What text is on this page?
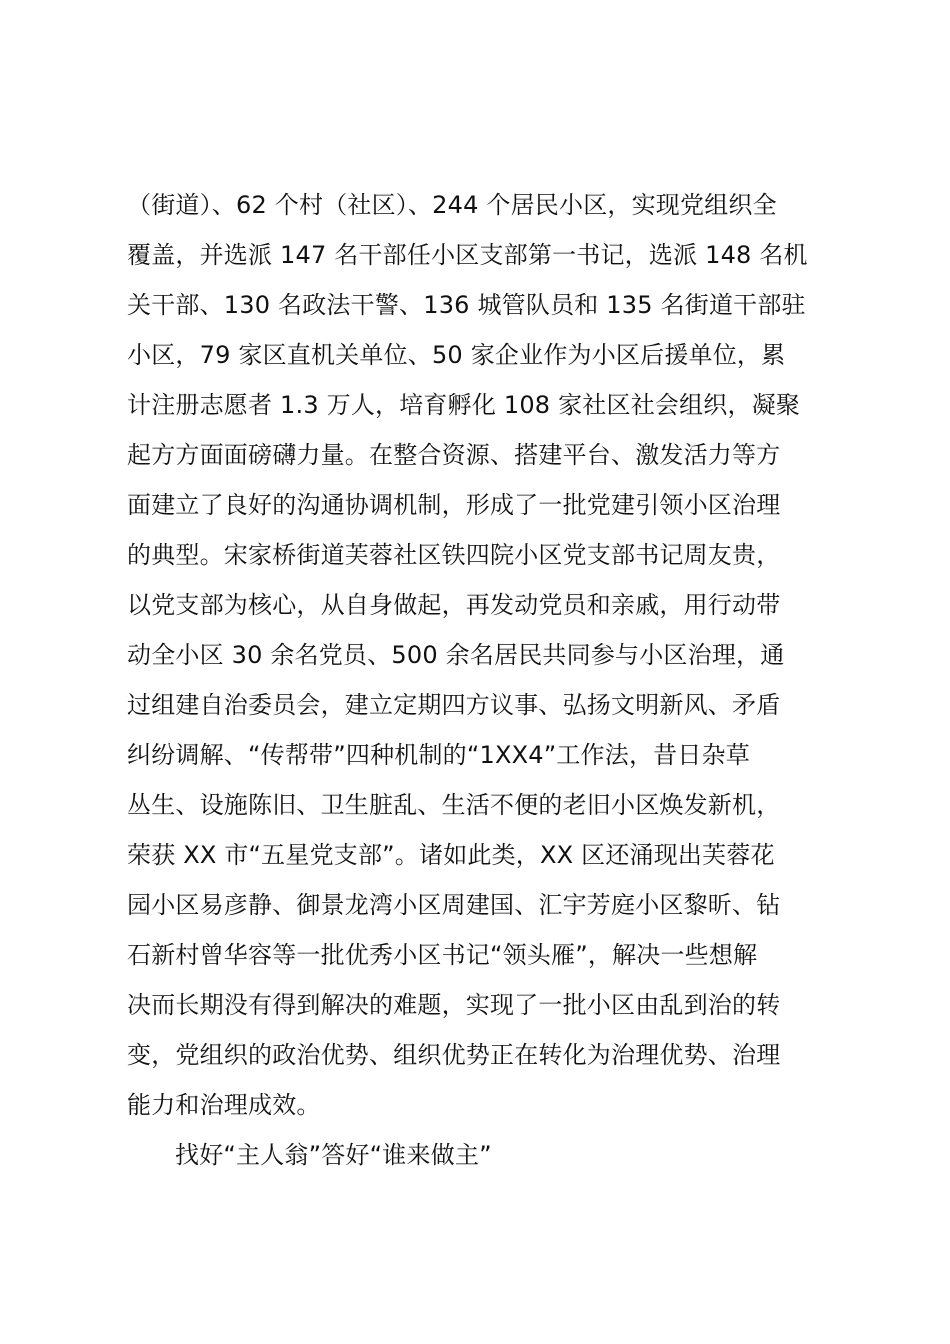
（街道）、62 个村（社区）、244 个居民小区，实现党组织全
覆盖，并选派 147 名干部任小区支部第一书记，选派 148 名机
关干部、130 名政法干警、136 城管队员和 135 名街道干部驻
小区，79 家区直机关单位、50 家企业作为小区后援单位，累
计注册志愿者 1.3 万人，培育孵化 108 家社区社会组织，凝聚
起方方面面磅礴力量。在整合资源、搭建平台、激发活力等方
面建立了良好的沟通协调机制，形成了一批党建引领小区治理
的典型。宋家桥街道芙蓉社区铁四院小区党支部书记周友贵，
以党支部为核心，从自身做起，再发动党员和亲戚，用行动带
动全小区 30 余名党员、500 余名居民共同参与小区治理，通
过组建自治委员会，建立定期四方议事、弘扬文明新风、矛盾
纠纷调解、“传帮带”四种机制的“1XX4”工作法，昔日杂草
丛生、设施陈旧、卫生脏乱、生活不便的老旧小区焕发新机，
荣获 XX 市“五星党支部”。诸如此类，XX 区还涌现出芙蓉花
园小区易彦静、御景龙湾小区周建国、汇宇芳庭小区黎昕、钻
石新村曾华容等一批优秀小区书记“领头雁”，解决一些想解
决而长期没有得到解决的难题，实现了一批小区由乱到治的转
变，党组织的政治优势、组织优势正在转化为治理优势、治理
能力和治理成效。
找好“主人翁”答好“谁来做主”
